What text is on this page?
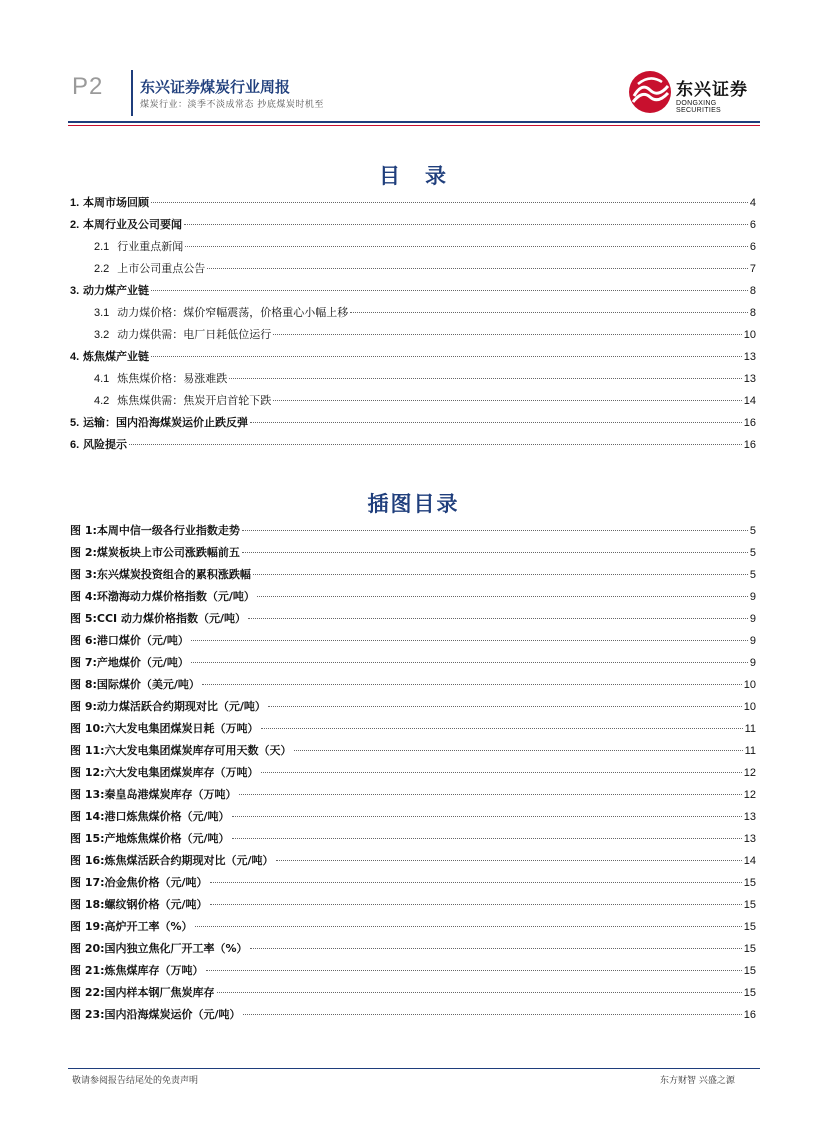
P2 东兴证券煤炭行业周报
煤炭行业：淡季不淡成常态 抄底煤炭时机至
东兴证券
DONGXING SECURITIES
目　录
1. 本周市场回顾	4
2. 本周行业及公司要闻	6
2.1 行业重点新闻	6
2.2 上市公司重点公告	7
3. 动力煤产业链	8
3.1 动力煤价格：煤价窄幅震荡，价格重心小幅上移	8
3.2 动力煤供需：电厂日耗低位运行	10
4. 炼焦煤产业链	13
4.1 炼焦煤价格：易涨难跌	13
4.2 炼焦煤供需：焦炭开启首轮下跌	14
5. 运输：国内沿海煤炭运价止跌反弹	16
6. 风险提示	16
插图目录
图 1:本周中信一级各行业指数走势	5
图 2:煤炭板块上市公司涨跌幅前五	5
图 3:东兴煤炭投资组合的累积涨跌幅	5
图 4:环渤海动力煤价格指数（元/吨）	9
图 5:CCI 动力煤价格指数（元/吨）	9
图 6:港口煤价（元/吨）	9
图 7:产地煤价（元/吨）	9
图 8:国际煤价（美元/吨）	10
图 9:动力煤活跃合约期现对比（元/吨）	10
图 10:六大发电集团煤炭日耗（万吨）	11
图 11:六大发电集团煤炭库存可用天数（天）	11
图 12:六大发电集团煤炭库存（万吨）	12
图 13:秦皇岛港煤炭库存（万吨）	12
图 14:港口炼焦煤价格（元/吨）	13
图 15:产地炼焦煤价格（元/吨）	13
图 16:炼焦煤活跃合约期现对比（元/吨）	14
图 17:冶金焦价格（元/吨）	15
图 18:螺纹钢价格（元/吨）	15
图 19:高炉开工率（%）	15
图 20:国内独立焦化厂开工率（%）	15
图 21:炼焦煤库存（万吨）	15
图 22:国内样本钢厂焦炭库存	15
图 23:国内沿海煤炭运价（元/吨）	16
敬请参阅报告结尾处的免责声明	东方财智 兴盛之源
